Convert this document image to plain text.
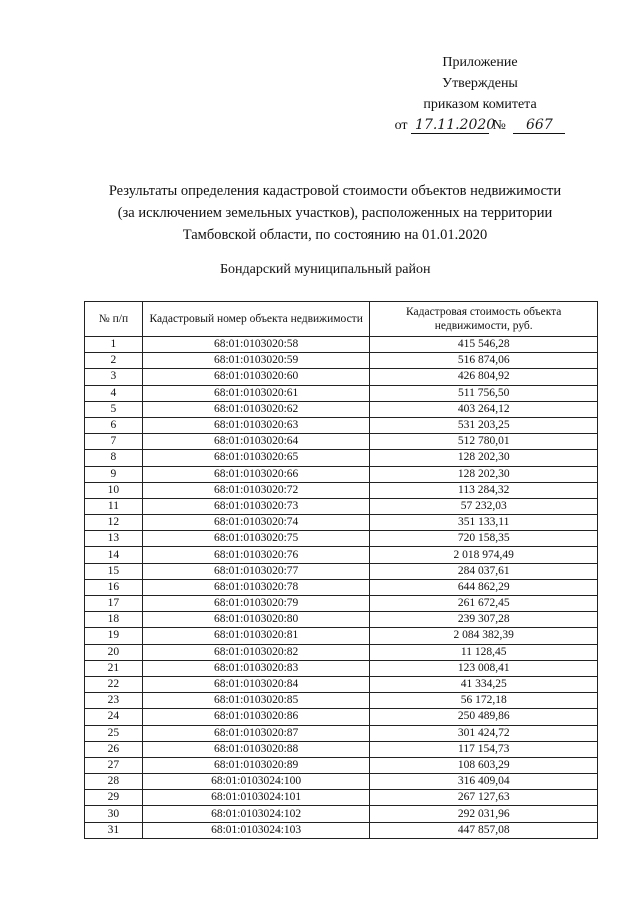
Приложение
Утверждены
приказом комитета
от 17.11.2020 № 667
Результаты определения кадастровой стоимости объектов недвижимости
(за исключением земельных участков), расположенных на территории
Тамбовской области, по состоянию на 01.01.2020
Бондарский муниципальный район
№ п/п	Кадастровый номер объекта недвижимости	Кадастровая стоимость объекта недвижимости, руб.
1	68:01:0103020:58	415 546,28
2	68:01:0103020:59	516 874,06
3	68:01:0103020:60	426 804,92
4	68:01:0103020:61	511 756,50
5	68:01:0103020:62	403 264,12
6	68:01:0103020:63	531 203,25
7	68:01:0103020:64	512 780,01
8	68:01:0103020:65	128 202,30
9	68:01:0103020:66	128 202,30
10	68:01:0103020:72	113 284,32
11	68:01:0103020:73	57 232,03
12	68:01:0103020:74	351 133,11
13	68:01:0103020:75	720 158,35
14	68:01:0103020:76	2 018 974,49
15	68:01:0103020:77	284 037,61
16	68:01:0103020:78	644 862,29
17	68:01:0103020:79	261 672,45
18	68:01:0103020:80	239 307,28
19	68:01:0103020:81	2 084 382,39
20	68:01:0103020:82	11 128,45
21	68:01:0103020:83	123 008,41
22	68:01:0103020:84	41 334,25
23	68:01:0103020:85	56 172,18
24	68:01:0103020:86	250 489,86
25	68:01:0103020:87	301 424,72
26	68:01:0103020:88	117 154,73
27	68:01:0103020:89	108 603,29
28	68:01:0103024:100	316 409,04
29	68:01:0103024:101	267 127,63
30	68:01:0103024:102	292 031,96
31	68:01:0103024:103	447 857,08
